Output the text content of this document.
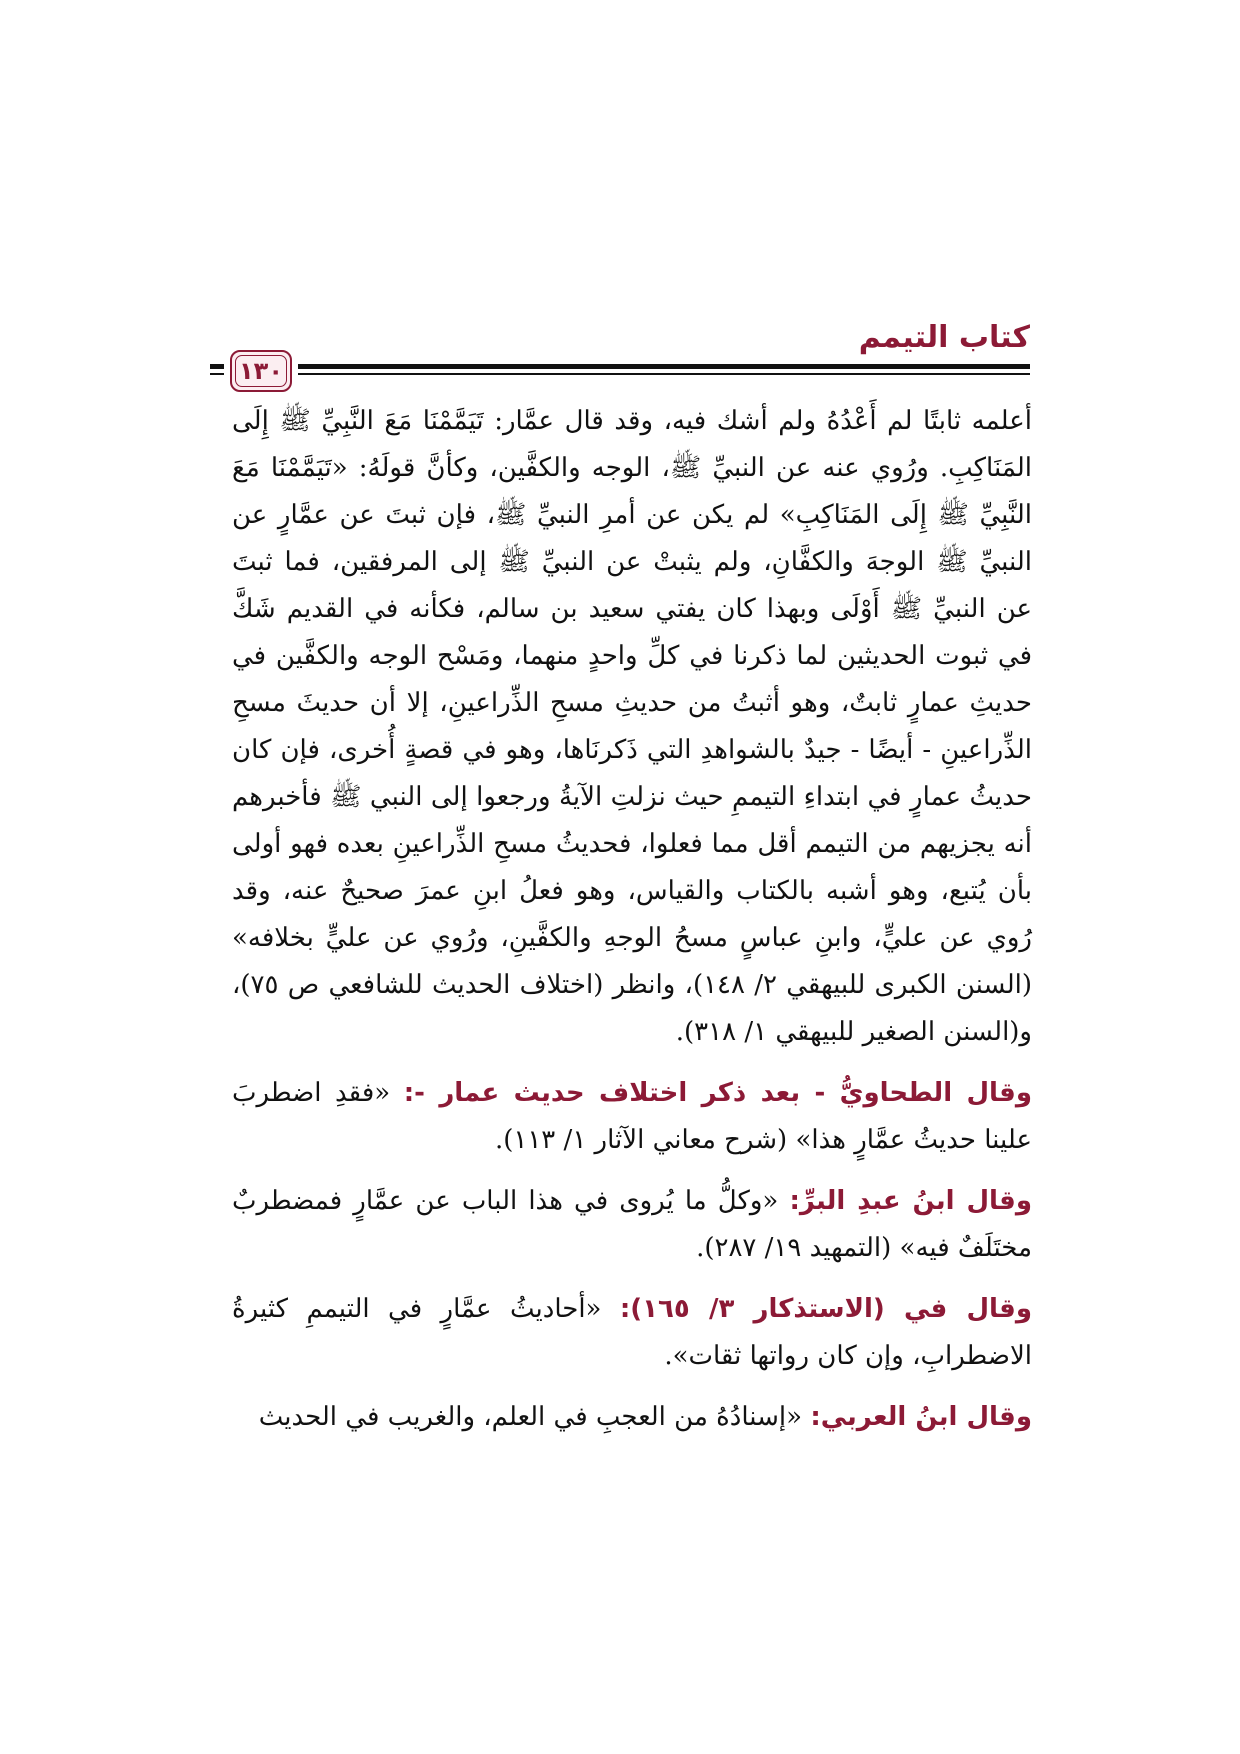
كتاب التيمم
١٣٠

أعلمه ثابتًا لم أَعْدُهُ ولم أشك فيه، وقد قال عمَّار: تَيَمَّمْنَا مَعَ النَّبِيِّ ﷺ إِلَى المَنَاكِبِ. ورُوي عنه عن النبيِّ ﷺ، الوجه والكفَّين، وكأنَّ قولَهُ: «تَيَمَّمْنَا مَعَ النَّبِيِّ ﷺ إِلَى المَنَاكِبِ» لم يكن عن أمرِ النبيِّ ﷺ، فإن ثبتَ عن عمَّارٍ عن النبيِّ ﷺ الوجهَ والكفَّانِ، ولم يثبتْ عن النبيِّ ﷺ إلى المرفقين، فما ثبتَ عن النبيِّ ﷺ أَوْلَى وبهذا كان يفتي سعيد بن سالم، فكأنه في القديم شَكَّ في ثبوت الحديثين لما ذكرنا في كلِّ واحدٍ منهما، ومَسْح الوجه والكفَّين في حديثِ عمارٍ ثابتٌ، وهو أثبتُ من حديثِ مسحِ الذِّراعينِ، إلا أن حديثَ مسحِ الذِّراعينِ - أيضًا - جيدٌ بالشواهدِ التي ذَكرنَاها، وهو في قصةٍ أُخرى، فإن كان حديثُ عمارٍ في ابتداءِ التيممِ حيث نزلتِ الآيةُ ورجعوا إلى النبي ﷺ فأخبرهم أنه يجزيهم من التيمم أقل مما فعلوا، فحديثُ مسحِ الذِّراعينِ بعده فهو أولى بأن يُتبع، وهو أشبه بالكتاب والقياس، وهو فعلُ ابنِ عمرَ صحيحٌ عنه، وقد رُوي عن عليٍّ، وابنِ عباسٍ مسحُ الوجهِ والكفَّينِ، ورُوي عن عليٍّ بخلافه» (السنن الكبرى للبيهقي ٢/ ١٤٨)، وانظر (اختلاف الحديث للشافعي ص ٧٥)، و(السنن الصغير للبيهقي ١/ ٣١٨).

وقال الطحاويُّ - بعد ذكر اختلاف حديث عمار -: «فقدِ اضطربَ علينا حديثُ عمَّارٍ هذا» (شرح معاني الآثار ١/ ١١٣).

وقال ابنُ عبدِ البرِّ: «وكلُّ ما يُروى في هذا الباب عن عمَّارٍ فمضطربٌ مختَلَفٌ فيه» (التمهيد ١٩/ ٢٨٧).

وقال في (الاستذكار ٣/ ١٦٥): «أحاديثُ عمَّارٍ في التيممِ كثيرةُ الاضطرابِ، وإن كان رواتها ثقات».

وقال ابنُ العربي: «إسنادُهُ من العجبِ في العلم، والغريب في الحديث
